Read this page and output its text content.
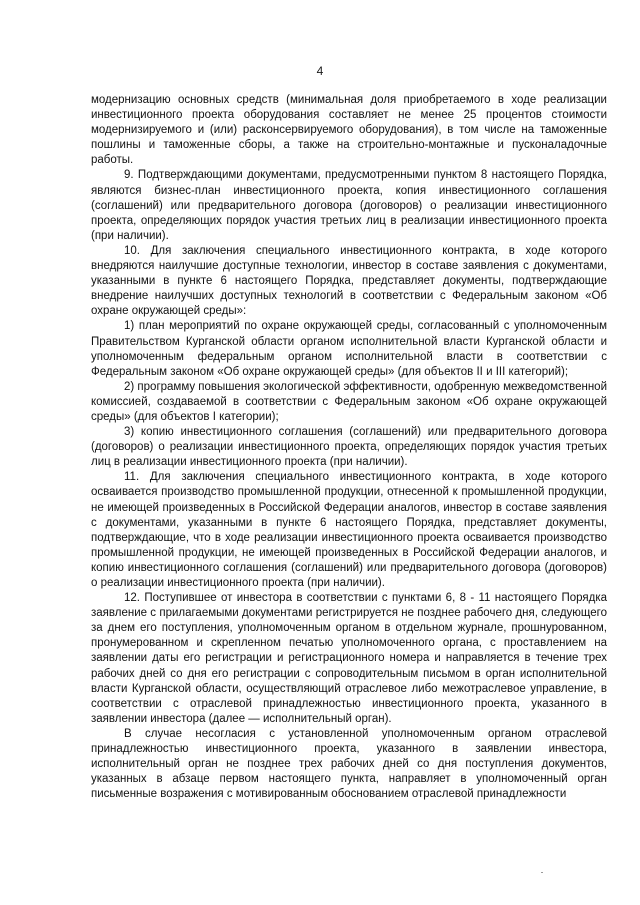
4

модернизацию основных средств (минимальная доля приобретаемого в ходе реализации инвестиционного проекта оборудования составляет не менее 25 процентов стоимости модернизируемого и (или) расконсервируемого оборудования), в том числе на таможенные пошлины и таможенные сборы, а также на строительно-монтажные и пусконаладочные работы.

9. Подтверждающими документами, предусмотренными пунктом 8 настоящего Порядка, являются бизнес-план инвестиционного проекта, копия инвестиционного соглашения (соглашений) или предварительного договора (договоров) о реализации инвестиционного проекта, определяющих порядок участия третьих лиц в реализации инвестиционного проекта (при наличии).

10. Для заключения специального инвестиционного контракта, в ходе которого внедряются наилучшие доступные технологии, инвестор в составе заявления с документами, указанными в пункте 6 настоящего Порядка, представляет документы, подтверждающие внедрение наилучших доступных технологий в соответствии с Федеральным законом «Об охране окружающей среды»:

1) план мероприятий по охране окружающей среды, согласованный с уполномоченным Правительством Курганской области органом исполнительной власти Курганской области и уполномоченным федеральным органом исполнительной власти в соответствии с Федеральным законом «Об охране окружающей среды» (для объектов II и III категорий);

2) программу повышения экологической эффективности, одобренную межведомственной комиссией, создаваемой в соответствии с Федеральным законом «Об охране окружающей среды» (для объектов I категории);

3) копию инвестиционного соглашения (соглашений) или предварительного договора (договоров) о реализации инвестиционного проекта, определяющих порядок участия третьих лиц в реализации инвестиционного проекта (при наличии).

11. Для заключения специального инвестиционного контракта, в ходе которого осваивается производство промышленной продукции, отнесенной к промышленной продукции, не имеющей произведенных в Российской Федерации аналогов, инвестор в составе заявления с документами, указанными в пункте 6 настоящего Порядка, представляет документы, подтверждающие, что в ходе реализации инвестиционного проекта осваивается производство промышленной продукции, не имеющей произведенных в Российской Федерации аналогов, и копию инвестиционного соглашения (соглашений) или предварительного договора (договоров) о реализации инвестиционного проекта (при наличии).

12. Поступившее от инвестора в соответствии с пунктами 6, 8 - 11 настоящего Порядка заявление с прилагаемыми документами регистрируется не позднее рабочего дня, следующего за днем его поступления, уполномоченным органом в отдельном журнале, прошнурованном, пронумерованном и скрепленном печатью уполномоченного органа, с проставлением на заявлении даты его регистрации и регистрационного номера и направляется в течение трех рабочих дней со дня его регистрации с сопроводительным письмом в орган исполнительной власти Курганской области, осуществляющий отраслевое либо межотраслевое управление, в соответствии с отраслевой принадлежностью инвестиционного проекта, указанного в заявлении инвестора (далее — исполнительный орган).

В случае несогласия с установленной уполномоченным органом отраслевой принадлежностью инвестиционного проекта, указанного в заявлении инвестора, исполнительный орган не позднее трех рабочих дней со дня поступления документов, указанных в абзаце первом настоящего пункта, направляет в уполномоченный орган письменные возражения с мотивированным обоснованием отраслевой принадлежности
